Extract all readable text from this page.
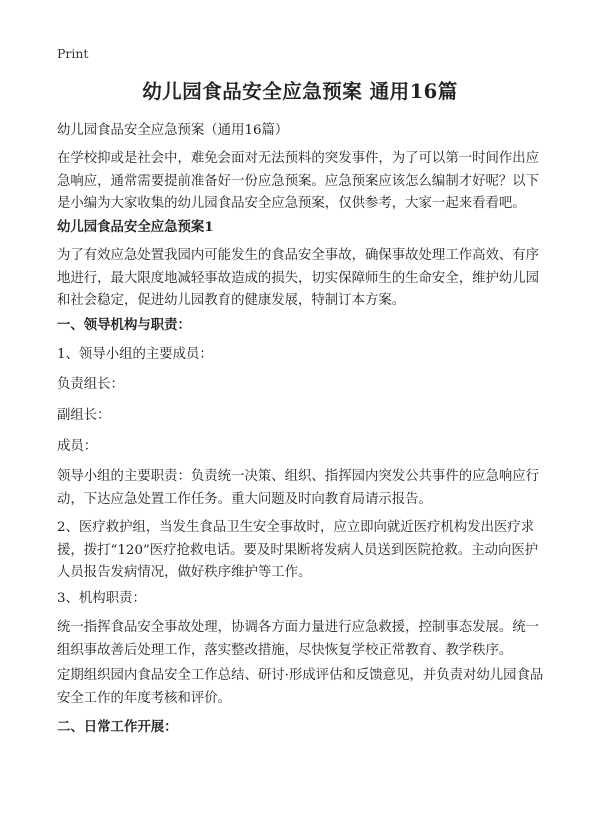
Print
幼儿园食品安全应急预案 通用16篇

幼儿园食品安全应急预案（通用16篇）

在学校抑或是社会中，难免会面对无法预料的突发事件，为了可以第一时间作出应急响应，通常需要提前准备好一份应急预案。应急预案应该怎么编制才好呢？以下是小编为大家收集的幼儿园食品安全应急预案，仅供参考，大家一起来看看吧。

幼儿园食品安全应急预案1

为了有效应急处置我园内可能发生的食品安全事故，确保事故处理工作高效、有序地进行，最大限度地减轻事故造成的损失，切实保障师生的生命安全，维护幼儿园和社会稳定，促进幼儿园教育的健康发展，特制订本方案。

一、领导机构与职责：

1、领导小组的主要成员：

负责组长：

副组长：

成员：

领导小组的主要职责：负责统一决策、组织、指挥园内突发公共事件的应急响应行动，下达应急处置工作任务。重大问题及时向教育局请示报告。

2、医疗救护组，当发生食品卫生安全事故时，应立即向就近医疗机构发出医疗求援，拨打“120”医疗抢救电话。要及时果断将发病人员送到医院抢救。主动向医护人员报告发病情况，做好秩序维护等工作。

3、机构职责：

统一指挥食品安全事故处理，协调各方面力量进行应急救援，控制事态发展。统一组织事故善后处理工作，落实整改措施，尽快恢复学校正常教育、教学秩序。

定期组织园内食品安全工作总结、研讨·形成评估和反馈意见，并负责对幼儿园食品安全工作的年度考核和评价。

二、日常工作开展：
